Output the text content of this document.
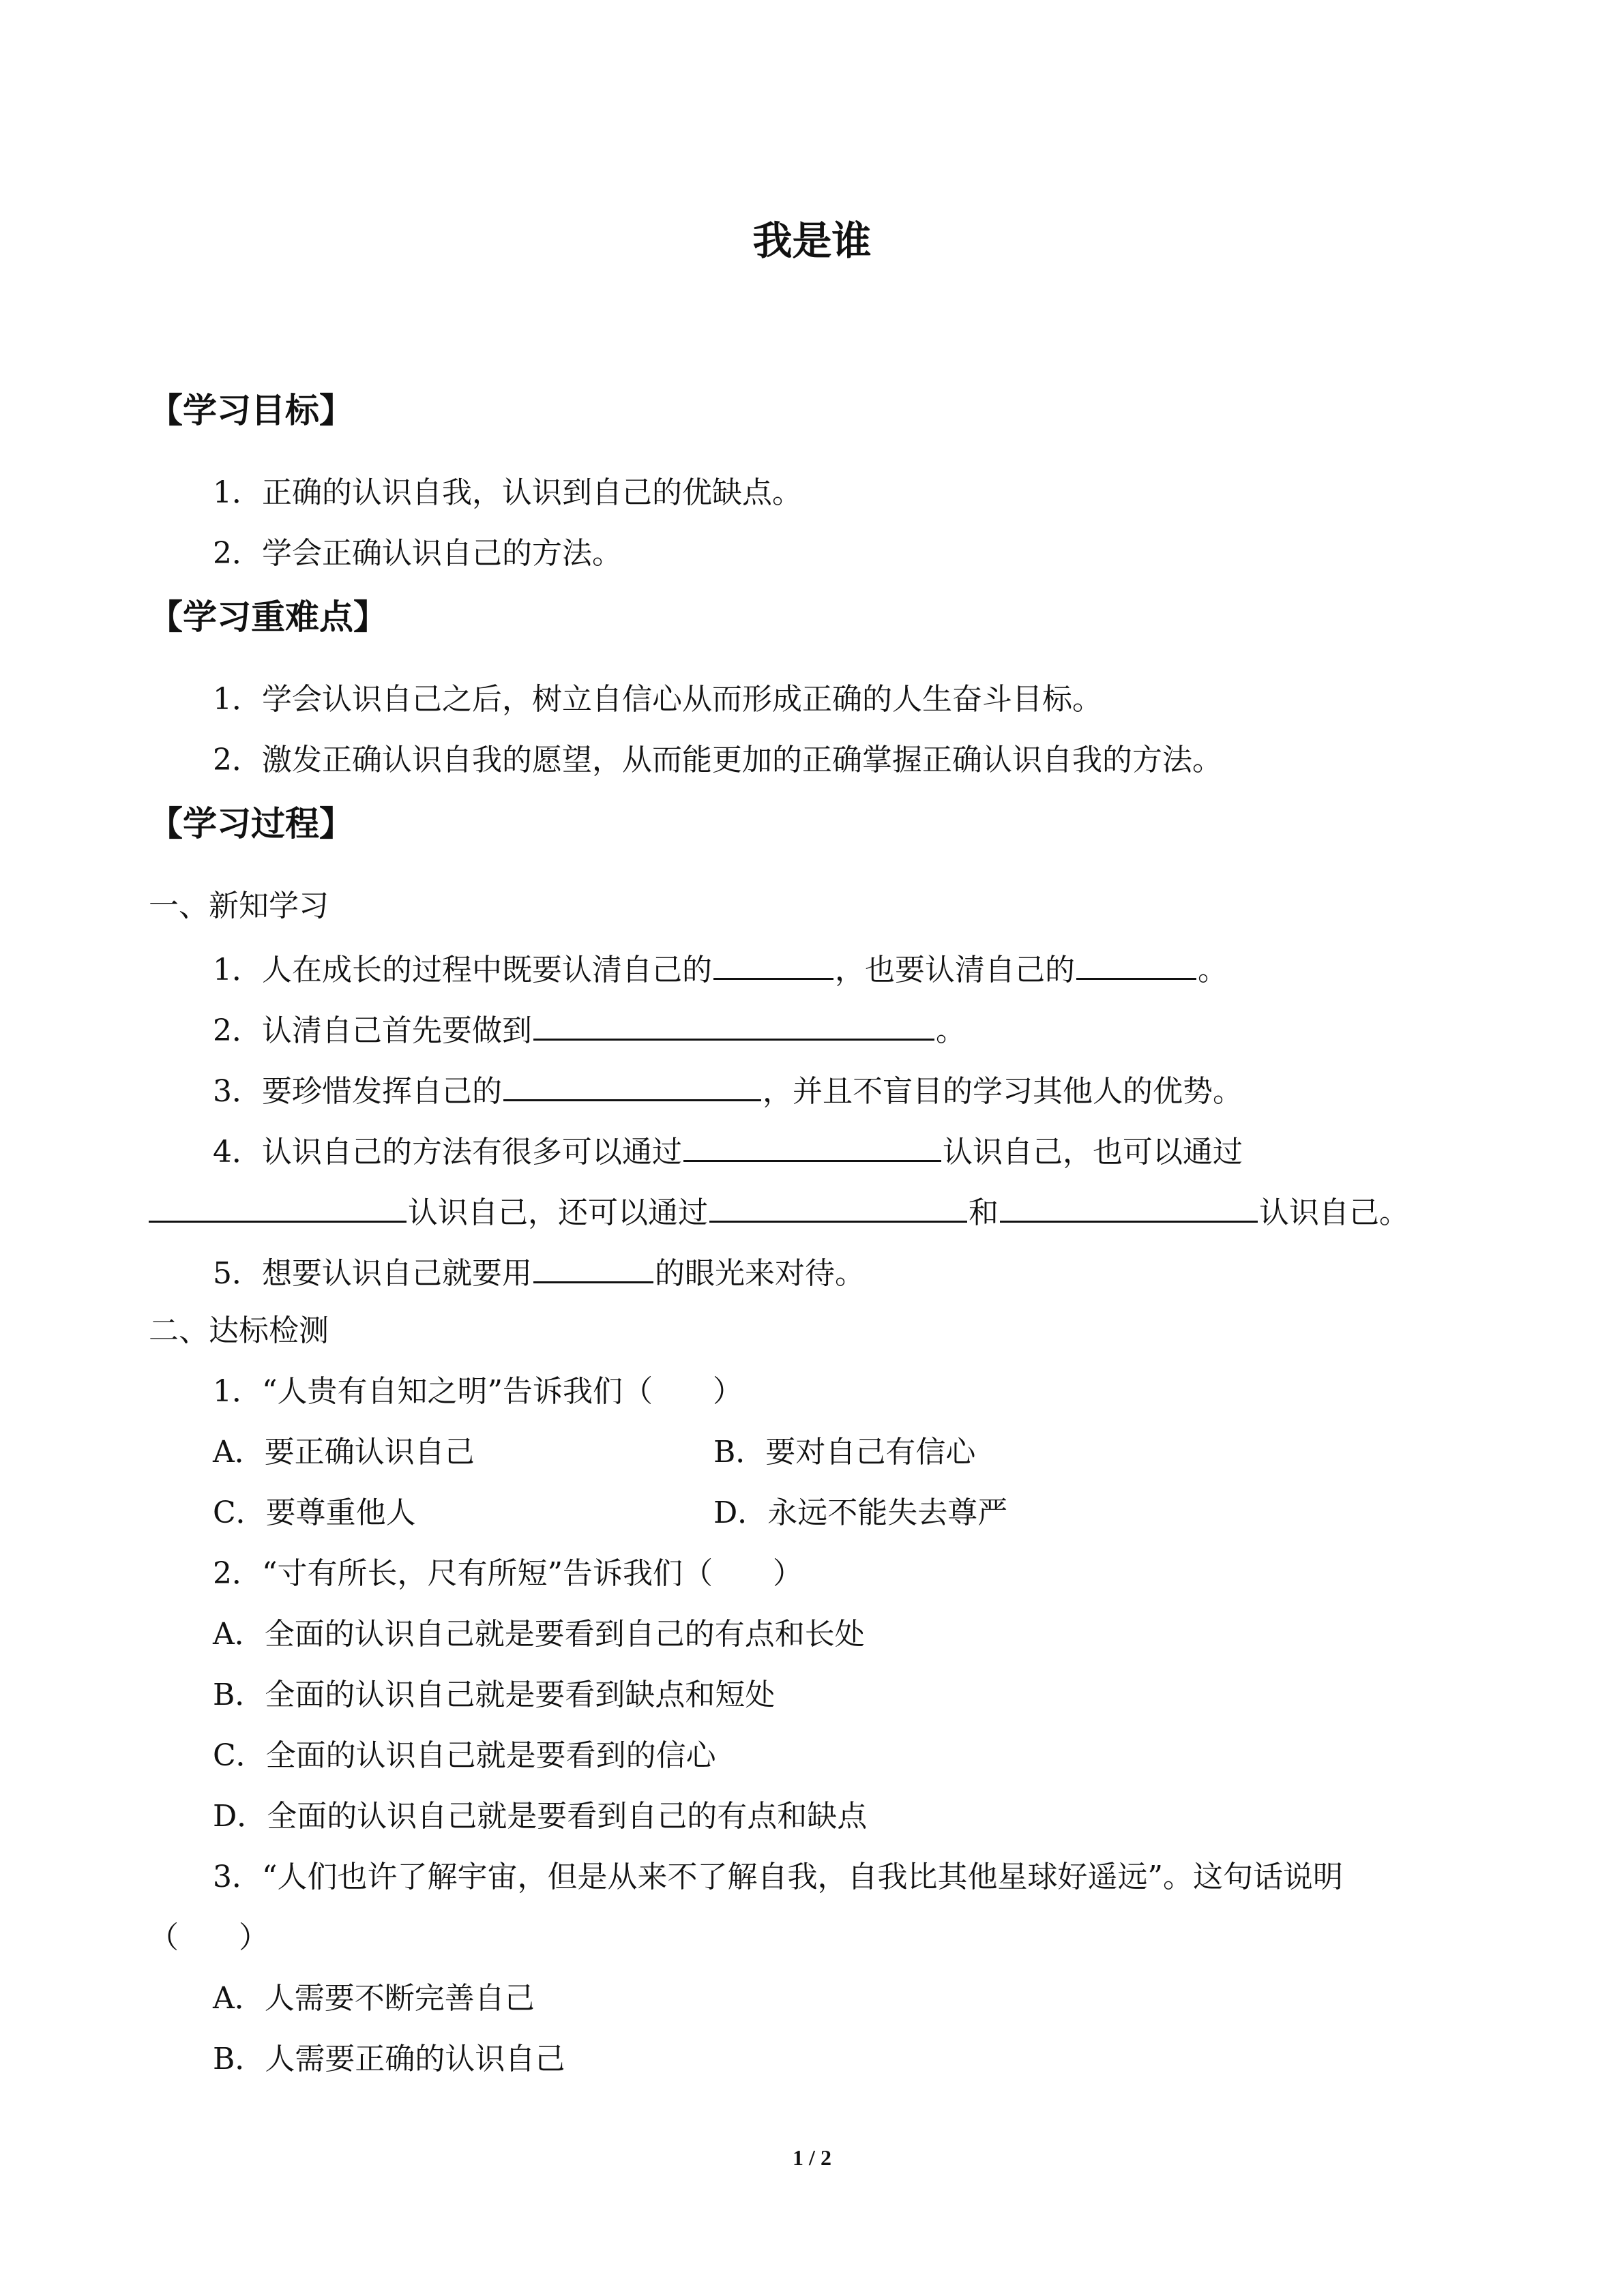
我是谁
【学习目标】
1．正确的认识自我，认识到自己的优缺点。
2．学会正确认识自己的方法。
【学习重难点】
1．学会认识自己之后，树立自信心从而形成正确的人生奋斗目标。
2．激发正确认识自我的愿望，从而能更加的正确掌握正确认识自我的方法。
【学习过程】
一、新知学习
1．人在成长的过程中既要认清自己的	，也要认清自己的	。
2．认清自己首先要做到	。
3．要珍惜发挥自己的	，并且不盲目的学习其他人的优势。
4．认识自己的方法有很多可以通过	认识自己，也可以通过
认识自己，还可以通过	和	认识自己。
5．想要认识自己就要用	的眼光来对待。
二、达标检测
1．“人贵有自知之明”告诉我们（　　）
A．要正确认识自己	B．要对自己有信心
C．要尊重他人	D．永远不能失去尊严
2．“寸有所长，尺有所短”告诉我们（　　）
A．全面的认识自己就是要看到自己的有点和长处
B．全面的认识自己就是要看到缺点和短处
C．全面的认识自己就是要看到的信心
D．全面的认识自己就是要看到自己的有点和缺点
3．“人们也许了解宇宙，但是从来不了解自我，自我比其他星球好遥远”。这句话说明
（　　）
A．人需要不断完善自己
B．人需要正确的认识自己
1 / 2
